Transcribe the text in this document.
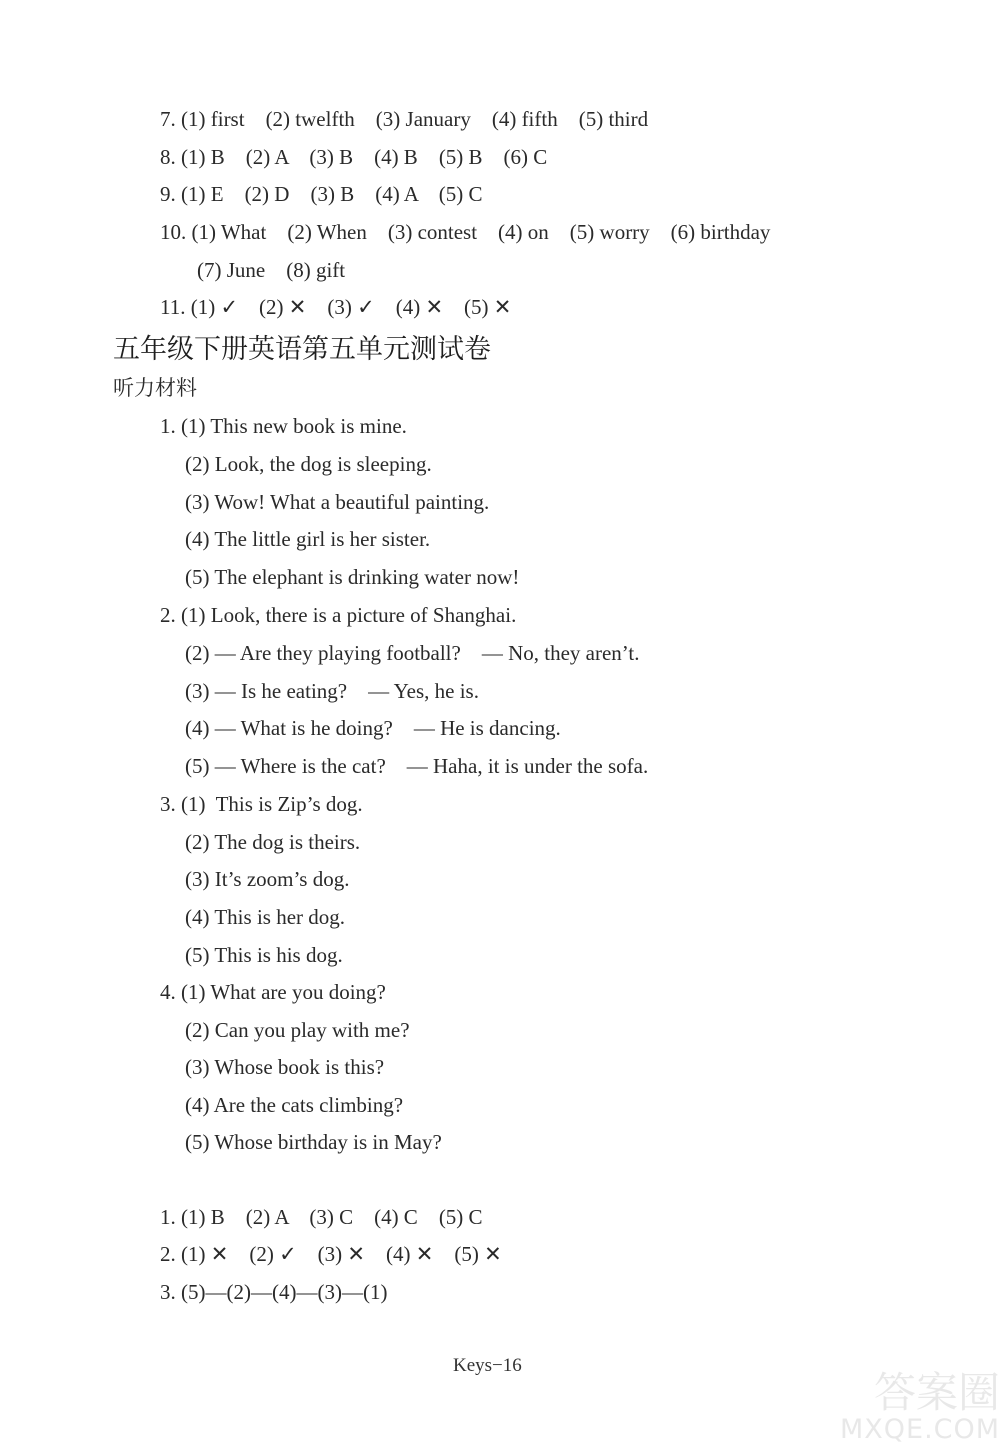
7. (1) first    (2) twelfth    (3) January    (4) fifth    (5) third
8. (1) B    (2) A    (3) B    (4) B    (5) B    (6) C
9. (1) E    (2) D    (3) B    (4) A    (5) C
10. (1) What    (2) When    (3) contest    (4) on    (5) worry    (6) birthday
(7) June    (8) gift
11. (1) ✓    (2) ✕    (3) ✓    (4) ✕    (5) ✕
五年级下册英语第五单元测试卷
听力材料
1. (1) This new book is mine.
(2) Look, the dog is sleeping.
(3) Wow! What a beautiful painting.
(4) The little girl is her sister.
(5) The elephant is drinking water now!
2. (1) Look, there is a picture of Shanghai.
(2) — Are they playing football?    — No, they aren’t.
(3) — Is he eating?    — Yes, he is.
(4) — What is he doing?    — He is dancing.
(5) — Where is the cat?    — Haha, it is under the sofa.
3. (1)  This is Zip’s dog.
(2) The dog is theirs.
(3) It’s zoom’s dog.
(4) This is her dog.
(5) This is his dog.
4. (1) What are you doing?
(2) Can you play with me?
(3) Whose book is this?
(4) Are the cats climbing?
(5) Whose birthday is in May?
1. (1) B    (2) A    (3) C    (4) C    (5) C
2. (1) ✕    (2) ✓    (3) ✕    (4) ✕    (5) ✕
3. (5)—(2)—(4)—(3)—(1)
Keys−16
答案圈
MXQE.COM
